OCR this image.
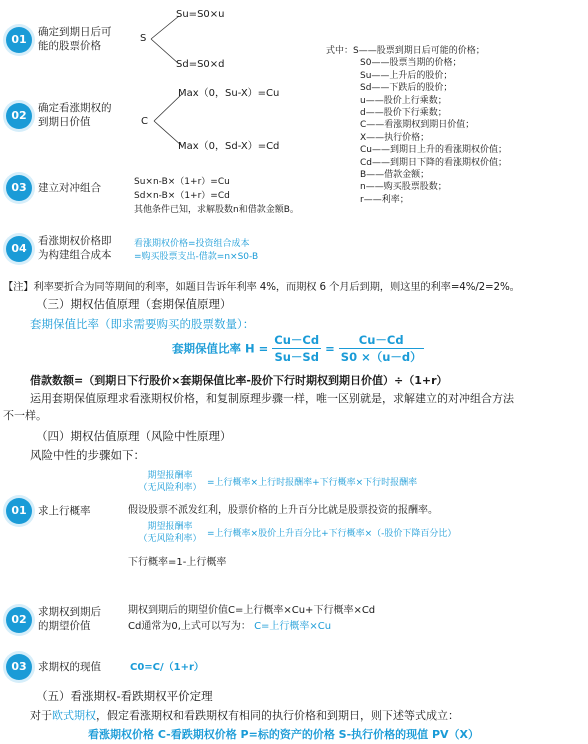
01
确定到期日后可
能的股票价格
S
Su=S0×u
Sd=S0×d
02
确定看涨期权的
到期日价值	C
Max（0，Su-X）=Cu
Max（0，Sd-X）=Cd
式中：S——股票到期日后可能的价格；
S0——股票当期的价格；
Su——上升后的股价；
Sd——下跌后的股价；
u——股价上行乘数；
d——股价下行乘数；
C——看涨期权到期日价值；
X——执行价格；
Cu——到期日上升的看涨期权价值；
Cd——到期日下降的看涨期权价值；
B——借款金额；
n——购买股票股数；
r——利率；
03	建立对冲组合	Su×n-B×（1+r）=Cu
Sd×n-B×（1+r）=Cd
其他条件已知，求解股数n和借款金额B。
04
看涨期权价格即
为构建组合成本
看涨期权价格=投资组合成本
=购买股票支出-借款=n×S0-B
【注】利率要折合为同等期间的利率，如题目告诉年利率 4%，而期权 6 个月后到期，则这里的利率=4%/2=2%。
（三）期权估值原理（套期保值原理）
套期保值比率（即求需要购买的股票数量）：
套期保值比率 $H = \frac{Cu-Cd}{Su-Sd} = \frac{Cu-Cd}{S0 \times(u-d)}$
借款数额=（到期日下行股价×套期保值比率-股价下行时期权到期日价值）÷（1+r）
运用套期保值原理求看涨期权价格，和复制原理步骤一样，唯一区别就是，求解建立的对冲组合方法
不一样。
（四）期权估值原理（风险中性原理）
风险中性的步骤如下：
01	求上行概率
期望报酬率
（无风险利率） =上行概率×上行时报酬率+下行概率×下行时报酬率
假设股票不派发红利，股票价格的上升百分比就是股票投资的报酬率。
期望报酬率
（无风险利率） =上行概率×股价上升百分比+下行概率×（-股价下降百分比）
下行概率=1-上行概率
02
求期权到期后
的期望价值
期权到期后的期望价值C=上行概率×Cu+下行概率×Cd
Cd通常为0,上式可以写为： C=上行概率×Cu
03	求期权的现值	C0=C/（1+r）
（五）看涨期权-看跌期权平价定理
对于欧式期权，假定看涨期权和看跌期权有相同的执行价格和到期日，则下述等式成立：
看涨期权价格 C-看跌期权价格 P=标的资产的价格 S-执行价格的现值 PV（X）
